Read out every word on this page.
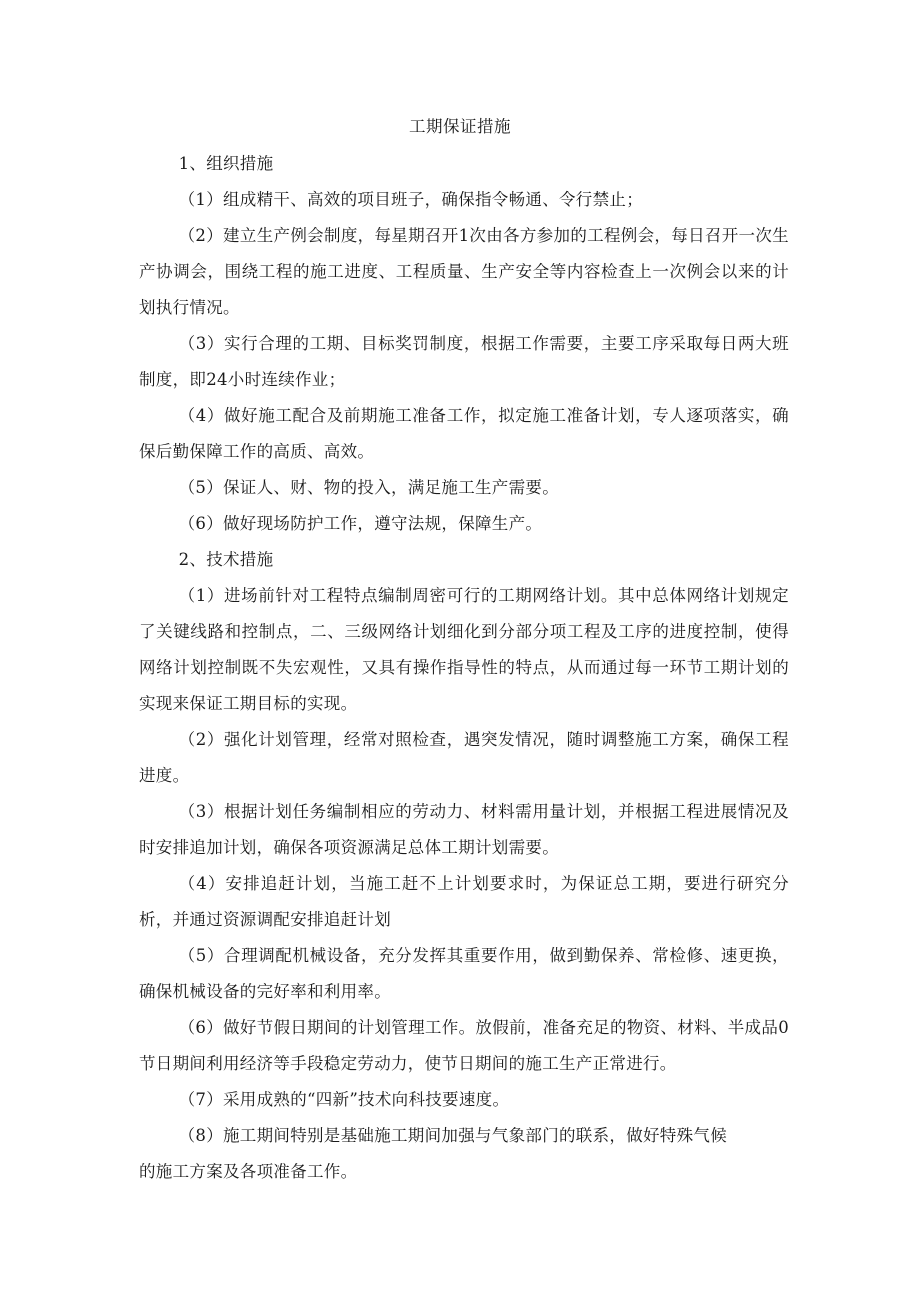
工期保证措施

1、组织措施

（1）组成精干、高效的项目班子，确保指令畅通、令行禁止；

（2）建立生产例会制度，每星期召开1次由各方参加的工程例会，每日召开一次生产协调会，围绕工程的施工进度、工程质量、生产安全等内容检查上一次例会以来的计划执行情况。

（3）实行合理的工期、目标奖罚制度，根据工作需要，主要工序采取每日两大班制度，即24小时连续作业；

（4）做好施工配合及前期施工准备工作，拟定施工准备计划，专人逐项落实，确保后勤保障工作的高质、高效。

（5）保证人、财、物的投入，满足施工生产需要。

（6）做好现场防护工作，遵守法规，保障生产。

2、技术措施

（1）进场前针对工程特点编制周密可行的工期网络计划。其中总体网络计划规定了关键线路和控制点，二、三级网络计划细化到分部分项工程及工序的进度控制，使得网络计划控制既不失宏观性，又具有操作指导性的特点，从而通过每一环节工期计划的实现来保证工期目标的实现。

（2）强化计划管理，经常对照检查，遇突发情况，随时调整施工方案，确保工程进度。

（3）根据计划任务编制相应的劳动力、材料需用量计划，并根据工程进展情况及时安排追加计划，确保各项资源满足总体工期计划需要。

（4）安排追赶计划，当施工赶不上计划要求时，为保证总工期，要进行研究分析，并通过资源调配安排追赶计划

（5）合理调配机械设备，充分发挥其重要作用，做到勤保养、常检修、速更换，确保机械设备的完好率和利用率。

（6）做好节假日期间的计划管理工作。放假前，准备充足的物资、材料、半成品0节日期间利用经济等手段稳定劳动力，使节日期间的施工生产正常进行。

（7）采用成熟的“四新”技术向科技要速度。

（8）施工期间特别是基础施工期间加强与气象部门的联系，做好特殊气候

的施工方案及各项准备工作。
